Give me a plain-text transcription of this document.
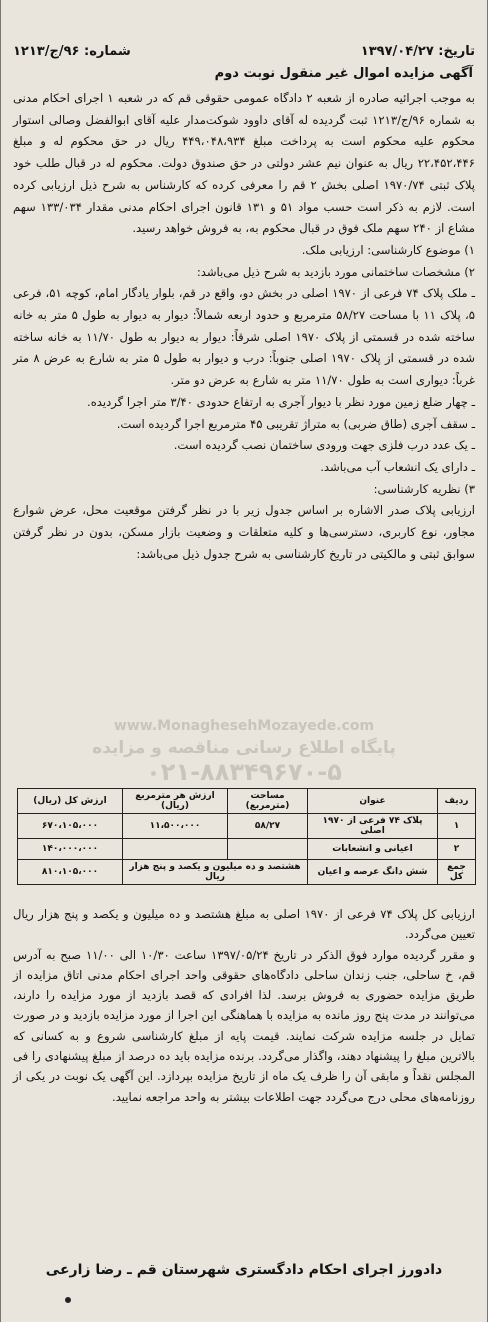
تاریخ: ۱۳۹۷/۰۴/۲۷
شماره: ۹۶/ج/۱۲۱۳
آگهی مزایده اموال غیر منقول نوبت دوم
www.MonaghesehMozayede.com
پایگاه اطلاع رسانی مناقصه و مزایده
۰۲۱-۸۸۳۴۹۶۷۰-۵

به موجب اجرائیه صادره از شعبه ۲ دادگاه عمومی حقوقی قم که در شعبه ۱ اجرای احکام مدنی به شماره ۹۶/ج/۱۲۱۳ ثبت گردیده له آقای داوود شوکت‌مدار علیه آقای ابوالفضل وصالی استوار محکوم علیه محکوم است به پرداخت مبلغ ۴۴۹،۰۴۸،۹۳۴ ریال در حق محکوم له و مبلغ ۲۲،۴۵۲،۴۴۶ ریال به عنوان نیم عشر دولتی در حق صندوق دولت. محکوم له در قبال طلب خود پلاک ثبتی ۱۹۷۰/۷۴ اصلی بخش ۲ قم را معرفی کرده که کارشناس به شرح ذیل ارزیابی کرده است. لازم به ذکر است حسب مواد ۵۱ و ۱۳۱ قانون اجرای احکام مدنی مقدار ۱۳۳/۰۳۴ سهم مشاع از ۲۴۰ سهم ملک فوق در قبال محکوم به، به فروش خواهد رسید.

۱) موضوع کارشناسی: ارزیابی ملک.

۲) مشخصات ساختمانی مورد بازدید به شرح ذیل می‌باشد:

ـ ملک پلاک ۷۴ فرعی از ۱۹۷۰ اصلی در بخش دو، واقع در قم، بلوار یادگار امام، کوچه ۵۱، فرعی ۵، پلاک ۱۱ با مساحت ۵۸/۲۷ مترمربع و حدود اربعه شمالاً: دیوار به دیوار به طول ۵ متر به خانه ساخته شده در قسمتی از پلاک ۱۹۷۰ اصلی شرقاً: دیوار به دیوار به طول ۱۱/۷۰ به خانه ساخته شده در قسمتی از پلاک ۱۹۷۰ اصلی جنوباً: درب و دیوار به طول ۵ متر به شارع به عرض ۸ متر غرباً: دیواری است به طول ۱۱/۷۰ متر به شارع به عرض دو متر.

ـ چهار ضلع زمین مورد نظر با دیوار آجری به ارتفاع حدودی ۳/۴۰ متر اجرا گردیده.

ـ سقف آجری (طاق ضربی) به متراژ تقریبی ۴۵ مترمربع اجرا گردیده است.

ـ یک عدد درب فلزی جهت ورودی ساختمان نصب گردیده است.

ـ دارای یک انشعاب آب می‌باشد.

۳) نظریه کارشناسی:

ارزیابی پلاک صدر الاشاره بر اساس جدول زیر با در نظر گرفتن موقعیت محل، عرض شوارع مجاور، نوع کاربری، دسترسی‌ها و کلیه متعلقات و وضعیت بازار مسکن، بدون در نظر گرفتن سوابق ثبتی و مالکیتی در تاریخ کارشناسی به شرح جدول ذیل می‌باشد:

ردیف	عنوان	مساحت (مترمربع)	ارزش هر مترمربع (ریال)	ارزش کل (ریال)
۱	پلاک ۷۴ فرعی از ۱۹۷۰ اصلی	۵۸/۲۷	۱۱،۵۰۰،۰۰۰	۶۷۰،۱۰۵،۰۰۰
۲	اعیانی و انشعابات			۱۴۰،۰۰۰،۰۰۰
جمع کل	شش دانگ عرصه و اعیان	هشتصد و ده میلیون و یکصد و پنج هزار ریال		۸۱۰،۱۰۵،۰۰۰

ارزیابی کل پلاک ۷۴ فرعی از ۱۹۷۰ اصلی به مبلغ هشتصد و ده میلیون و یکصد و پنج هزار ریال تعیین می‌گردد.

و مقرر گردیده موارد فوق الذکر در تاریخ ۱۳۹۷/۰۵/۲۴ ساعت ۱۰/۳۰ الی ۱۱/۰۰ صبح به آدرس قم، خ ساحلی، جنب زندان ساحلی دادگاه‌های حقوقی واحد اجرای احکام مدنی اتاق مزایده از طریق مزایده حضوری به فروش برسد. لذا افرادی که قصد بازدید از مورد مزایده را دارند، می‌توانند در مدت پنج روز مانده به مزایده با هماهنگی این اجرا از مورد مزایده بازدید و در صورت تمایل در جلسه مزایده شرکت نمایند. قیمت پایه از مبلغ کارشناسی شروع و به کسانی که بالاترین مبلغ را پیشنهاد دهند، واگذار می‌گردد. برنده مزایده باید ده درصد از مبلغ پیشنهادی را فی المجلس نقداً و مابقی آن را ظرف یک ماه از تاریخ مزایده بپردازد. این آگهی یک نوبت در یکی از روزنامه‌های محلی درج می‌گردد جهت اطلاعات بیشتر به واحد مراجعه نمایید.

دادورز اجرای احکام دادگستری شهرستان قم ـ رضا زارعی
